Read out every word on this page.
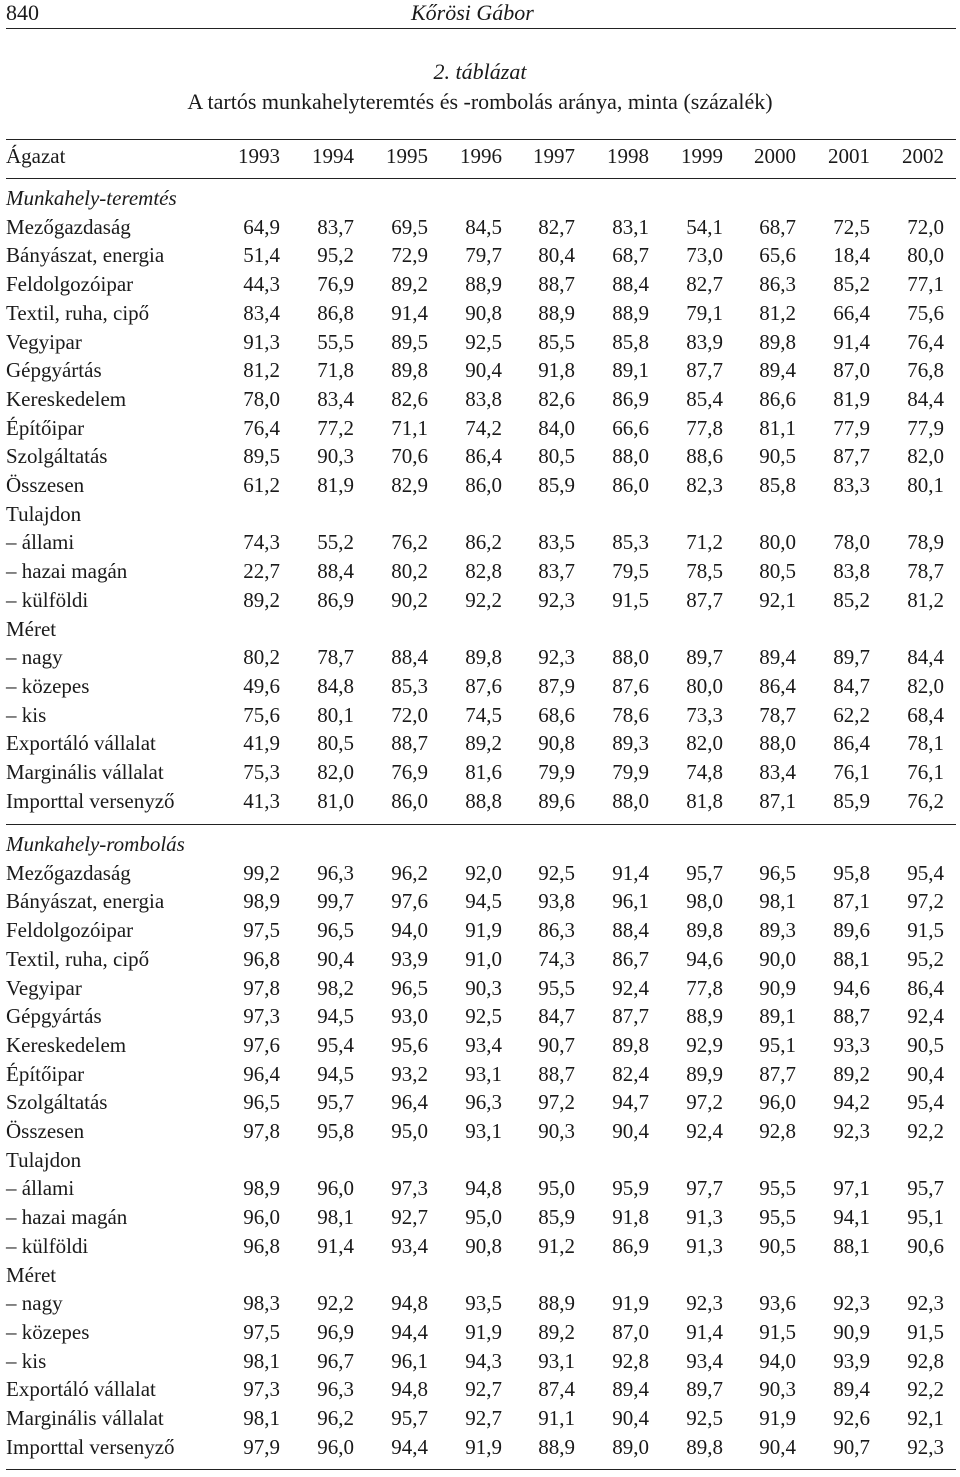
840	Kőrösi Gábor
2. táblázat
A tartós munkahelyteremtés és -rombolás aránya, minta (százalék)
Ágazat	1993	1994	1995	1996	1997	1998	1999	2000	2001	2002
Munkahely-teremtés
Mezőgazdaság	64,9	83,7	69,5	84,5	82,7	83,1	54,1	68,7	72,5	72,0
Bányászat, energia	51,4	95,2	72,9	79,7	80,4	68,7	73,0	65,6	18,4	80,0
Feldolgozóipar	44,3	76,9	89,2	88,9	88,7	88,4	82,7	86,3	85,2	77,1
Textil, ruha, cipő	83,4	86,8	91,4	90,8	88,9	88,9	79,1	81,2	66,4	75,6
Vegyipar	91,3	55,5	89,5	92,5	85,5	85,8	83,9	89,8	91,4	76,4
Gépgyártás	81,2	71,8	89,8	90,4	91,8	89,1	87,7	89,4	87,0	76,8
Kereskedelem	78,0	83,4	82,6	83,8	82,6	86,9	85,4	86,6	81,9	84,4
Építőipar	76,4	77,2	71,1	74,2	84,0	66,6	77,8	81,1	77,9	77,9
Szolgáltatás	89,5	90,3	70,6	86,4	80,5	88,0	88,6	90,5	87,7	82,0
Összesen	61,2	81,9	82,9	86,0	85,9	86,0	82,3	85,8	83,3	80,1
Tulajdon
– állami	74,3	55,2	76,2	86,2	83,5	85,3	71,2	80,0	78,0	78,9
– hazai magán	22,7	88,4	80,2	82,8	83,7	79,5	78,5	80,5	83,8	78,7
– külföldi	89,2	86,9	90,2	92,2	92,3	91,5	87,7	92,1	85,2	81,2
Méret
– nagy	80,2	78,7	88,4	89,8	92,3	88,0	89,7	89,4	89,7	84,4
– közepes	49,6	84,8	85,3	87,6	87,9	87,6	80,0	86,4	84,7	82,0
– kis	75,6	80,1	72,0	74,5	68,6	78,6	73,3	78,7	62,2	68,4
Exportáló vállalat	41,9	80,5	88,7	89,2	90,8	89,3	82,0	88,0	86,4	78,1
Marginális vállalat	75,3	82,0	76,9	81,6	79,9	79,9	74,8	83,4	76,1	76,1
Importtal versenyző	41,3	81,0	86,0	88,8	89,6	88,0	81,8	87,1	85,9	76,2
Munkahely-rombolás
Mezőgazdaság	99,2	96,3	96,2	92,0	92,5	91,4	95,7	96,5	95,8	95,4
Bányászat, energia	98,9	99,7	97,6	94,5	93,8	96,1	98,0	98,1	87,1	97,2
Feldolgozóipar	97,5	96,5	94,0	91,9	86,3	88,4	89,8	89,3	89,6	91,5
Textil, ruha, cipő	96,8	90,4	93,9	91,0	74,3	86,7	94,6	90,0	88,1	95,2
Vegyipar	97,8	98,2	96,5	90,3	95,5	92,4	77,8	90,9	94,6	86,4
Gépgyártás	97,3	94,5	93,0	92,5	84,7	87,7	88,9	89,1	88,7	92,4
Kereskedelem	97,6	95,4	95,6	93,4	90,7	89,8	92,9	95,1	93,3	90,5
Építőipar	96,4	94,5	93,2	93,1	88,7	82,4	89,9	87,7	89,2	90,4
Szolgáltatás	96,5	95,7	96,4	96,3	97,2	94,7	97,2	96,0	94,2	95,4
Összesen	97,8	95,8	95,0	93,1	90,3	90,4	92,4	92,8	92,3	92,2
Tulajdon
– állami	98,9	96,0	97,3	94,8	95,0	95,9	97,7	95,5	97,1	95,7
– hazai magán	96,0	98,1	92,7	95,0	85,9	91,8	91,3	95,5	94,1	95,1
– külföldi	96,8	91,4	93,4	90,8	91,2	86,9	91,3	90,5	88,1	90,6
Méret
– nagy	98,3	92,2	94,8	93,5	88,9	91,9	92,3	93,6	92,3	92,3
– közepes	97,5	96,9	94,4	91,9	89,2	87,0	91,4	91,5	90,9	91,5
– kis	98,1	96,7	96,1	94,3	93,1	92,8	93,4	94,0	93,9	92,8
Exportáló vállalat	97,3	96,3	94,8	92,7	87,4	89,4	89,7	90,3	89,4	92,2
Marginális vállalat	98,1	96,2	95,7	92,7	91,1	90,4	92,5	91,9	92,6	92,1
Importtal versenyző	97,9	96,0	94,4	91,9	88,9	89,0	89,8	90,4	90,7	92,3
